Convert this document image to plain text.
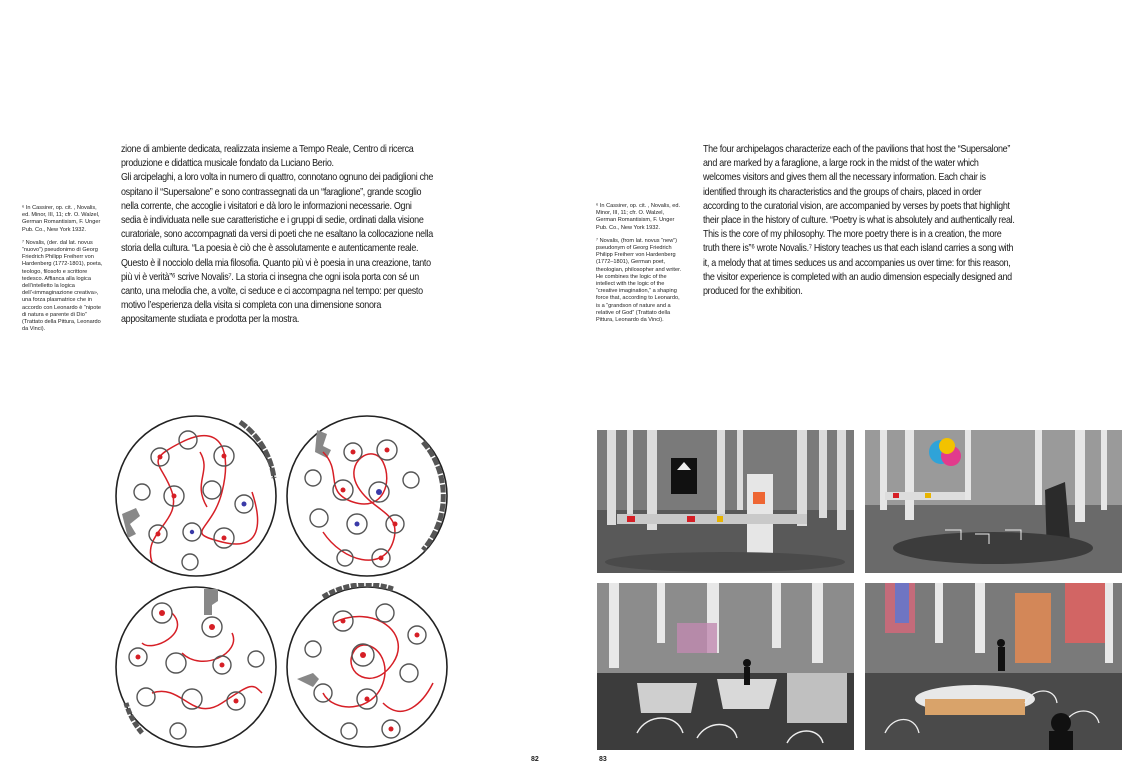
⁶ In Cassirer, op. cit. , Novalis, ed. Minor, III, 11; cfr. O. Walzel, German Romantisism, F. Unger Pub. Co., New York 1932.

⁷ Novalis, (der. dal lat. novus “nuovo”) pseudonimo di Georg Friedrich Philipp Freiherr von Hardenberg (1772-1801), poeta, teologo, filosofo e scrittore tedesco. Affianca alla logica dell’intelletto la logica dell’«immaginazione creativa», una forza plasmatrice che in accordo con Leonardo è “nipote di natura e parente di Dio” (Trattato della Pittura, Leonardo da Vinci).

zione di ambiente dedicata, realizzata insieme a Tempo Reale, Centro di ricerca produzione e didattica musicale fondato da Luciano Berio.

Gli arcipelaghi, a loro volta in numero di quattro, connotano ognuno dei padiglioni che ospitano il “Supersalone” e sono contrassegnati da un “faraglione”, grande scoglio nella corrente, che accoglie i visitatori e dà loro le informazioni necessarie. Ogni sedia è individuata nelle sue caratteristiche e i gruppi di sedie, ordinati dalla visione curatoriale, sono accompagnati da versi di poeti che ne esaltano la collocazione nella storia della cultura. “La poesia è ciò che è assolutamente e autenticamente reale. Questo è il nocciolo della mia filosofia. Quanto più vi è poesia in una creazione, tanto più vi è verità”⁶ scrive Novalis⁷. La storia ci insegna che ogni isola porta con sé un canto, una melodia che, a volte, ci seduce e ci accompagna nel tempo: per questo motivo l’esperienza della visita si completa con una dimensione sonora appositamente studiata e prodotta per la mostra.

82

⁶ In Cassirer, op. cit. , Novalis, ed. Minor, III, 11; cfr. O. Walzel, German Romantisism, F. Unger Pub. Co., New York 1932.

⁷ Novalis, (from lat. novus “new”) pseudonym of Georg Friedrich Philipp Freiherr von Hardenberg (1772–1801), German poet, theologian, philosopher and writer. He combines the logic of the intellect with the logic of the “creative imagination,” a shaping force that, according to Leonardo, is a “grandson of nature and a relative of God” (Trattato della Pittura, Leonardo da Vinci).

The four archipelagos characterize each of the pavilions that host the “Supersalone” and are marked by a faraglione, a large rock in the midst of the water which welcomes visitors and gives them all the necessary information. Each chair is identified through its characteristics and the groups of chairs, placed in order according to the curatorial vision, are accompanied by verses by poets that highlight their place in the history of culture. “Poetry is what is absolutely and authentically real. This is the core of my philosophy. The more poetry there is in a creation, the more truth there is”⁶ wrote Novalis.⁷ History teaches us that each island carries a song with it, a melody that at times seduces us and accompanies us over time: for this reason, the visitor experience is completed with an audio dimension especially designed and produced for the exhibition.

83
